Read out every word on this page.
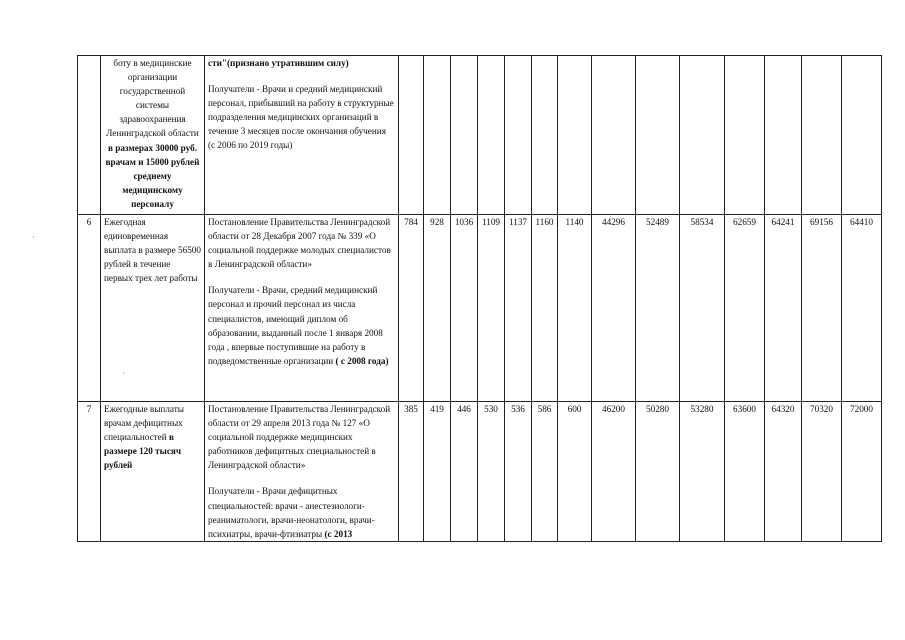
·
·
	боту в медицинские организации государственной системы здравоохранения Ленинградской области в размерах 30000 руб. врачам и 15000 рублей среднему медицинскому персоналу	сти"(признано утратившим силу)

Получатели - Врачи и средний медицинский персонал, прибывший на работу в структурные подразделения медицинских организаций в течение 3 месяцев после окончания обучения (с 2006 по 2019 годы)														

6	Ежегодная единовременная выплата в размере 56500 рублей в течение первых трех лет работы	Постановление Правительства Ленинградской области от 28 Декабря 2007 года № 339 «О социальной поддержке молодых специалистов в Ленинградской области»

Получатели - Врачи, средний медицинский персонал и прочий персонал из числа специалистов, имеющий диплом об образовании, выданный после 1 января 2008 года , впервые поступившие на работу в подведомственные организации ( с 2008 года)	784	928	1036	1109	1137	1160	1140	44296	52489	58534	62659	64241	69156	64410
7	Ежегодные выплаты врачам дефицитных специальностей в размере 120 тысяч рублей	Постановление Правительства Ленинградской области от 29 апреля 2013 года № 127 «О социальной поддержке медицинских работников дефицитных специальностей в Ленинградской области»

Получатели - Врачи дефицитных специальностей: врачи - анестезиологи-реаниматологи, врачи-неонатологи, врачи-психиатры, врачи-фтизиатры (с 2013	385	419	446	530	536	586	600	46200	50280	53280	63600	64320	70320	72000
